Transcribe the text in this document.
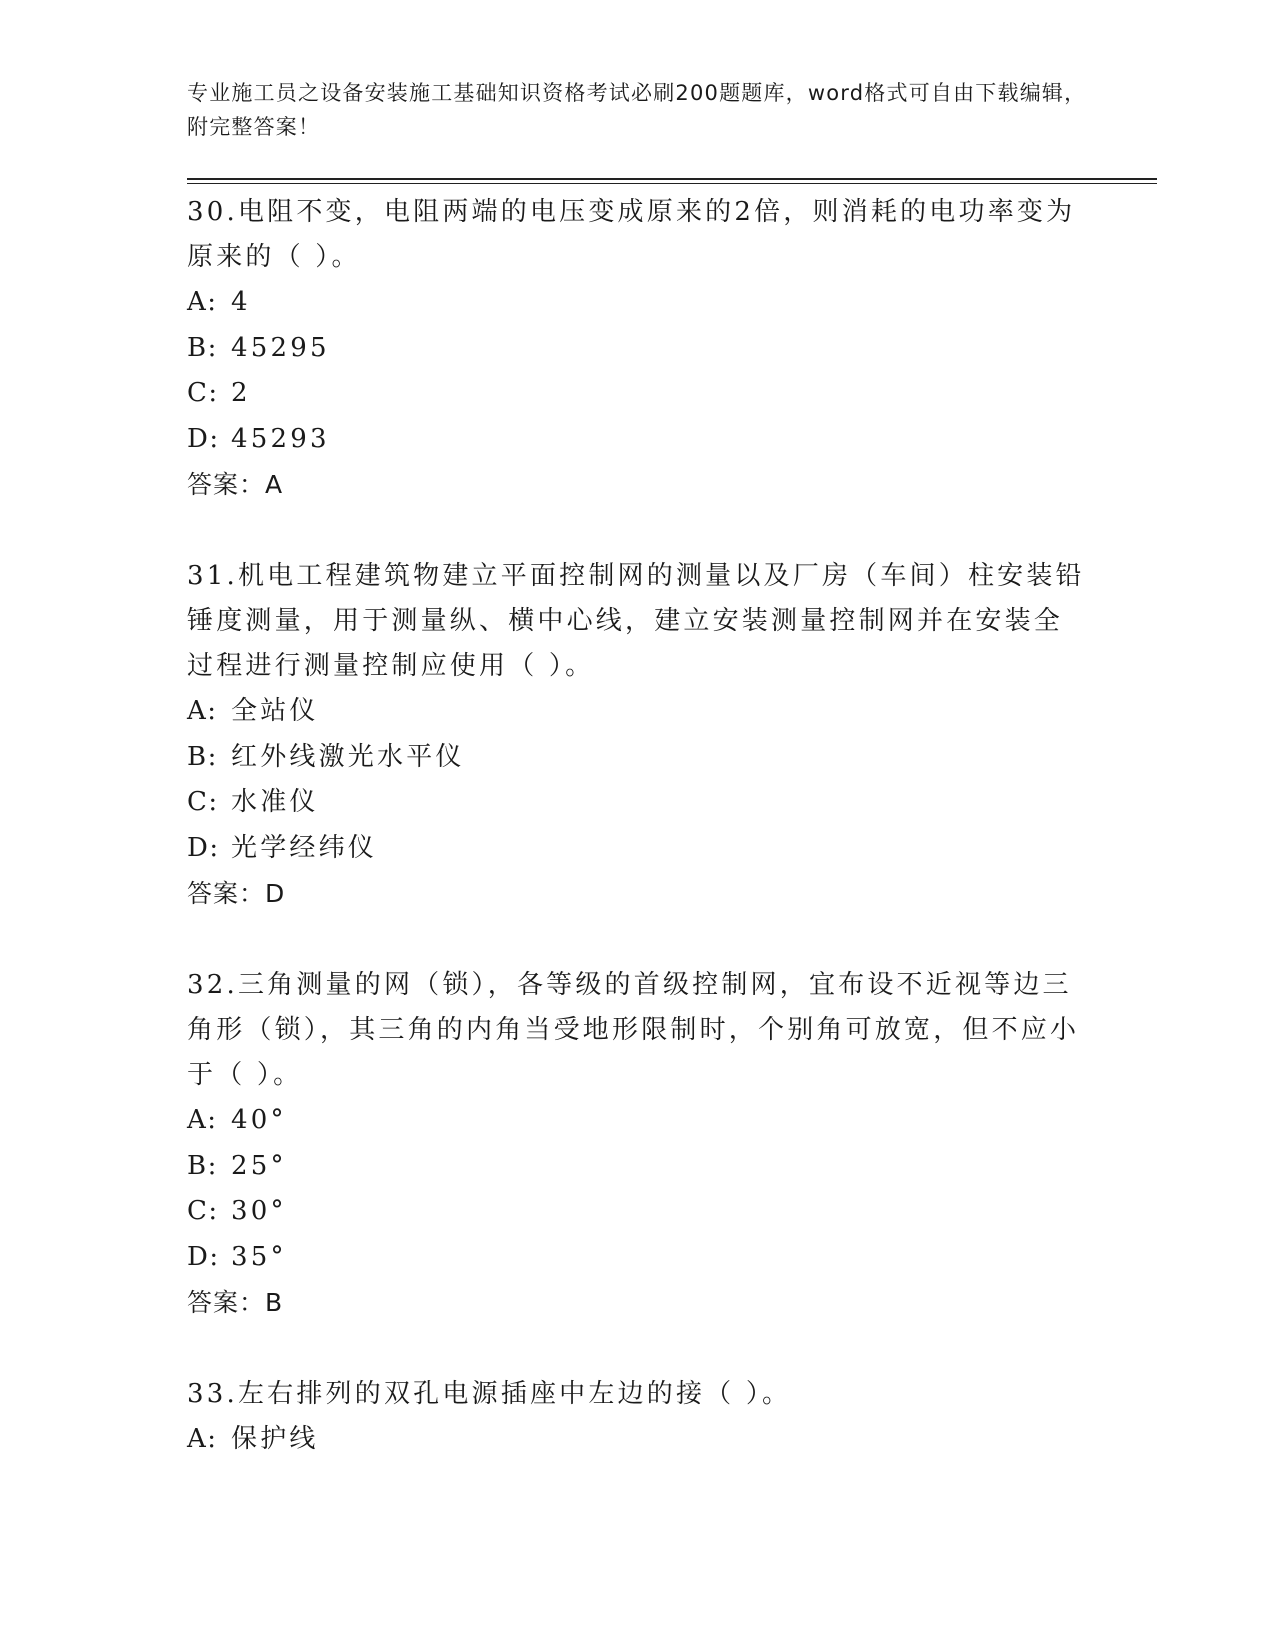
专业施工员之设备安装施工基础知识资格考试必刷200题题库，word格式可自由下载编辑，附完整答案！

30.电阻不变，电阻两端的电压变成原来的2倍，则消耗的电功率变为原来的（ ）。

A: 4

B: 45295

C: 2

D: 45293

答案：A

31.机电工程建筑物建立平面控制网的测量以及厂房（车间）柱安装铅锤度测量，用于测量纵、横中心线，建立安装测量控制网并在安装全过程进行测量控制应使用（ ）。

A: 全站仪

B: 红外线激光水平仪

C: 水准仪

D: 光学经纬仪

答案：D

32.三角测量的网（锁），各等级的首级控制网，宜布设不近视等边三角形（锁），其三角的内角当受地形限制时，个别角可放宽，但不应小于（ ）。

A: 40°

B: 25°

C: 30°

D: 35°

答案：B

33.左右排列的双孔电源插座中左边的接（ ）。

A: 保护线
